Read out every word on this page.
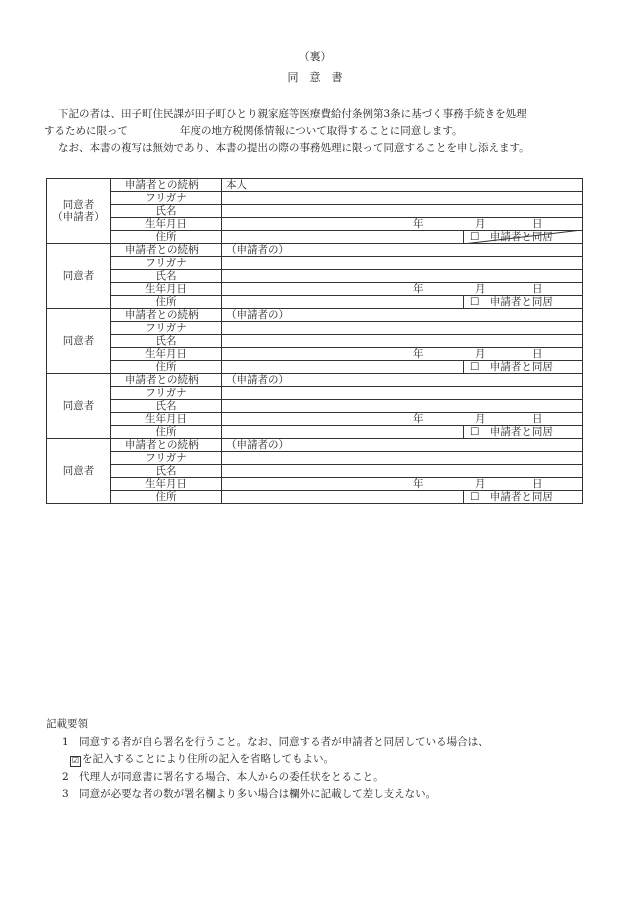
（裏）
同　意　書
下記の者は、田子町住民課が田子町ひとり親家庭等医療費給付条例第3条に基づく事務手続きを処理
するために限って	年度の地方税関係情報について取得することに同意します。
なお、本書の複写は無効であり、本書の提出の際の事務処理に限って同意することを申し添えます。
同意者
（申請者）	申請者との続柄	本人
	フリガナ	
	氏名	
	生年月日	年 月 日

	住所	☐　申請者と同居

同意者	申請者との続柄	（申請者の）
	フリガナ	
	氏名	
	生年月日	年 月 日

	住所	☐　申請者と同居

同意者	申請者との続柄	（申請者の）
	フリガナ	
	氏名	
	生年月日	年 月 日

	住所	☐　申請者と同居

同意者	申請者との続柄	（申請者の）
	フリガナ	
	氏名	
	生年月日	年 月 日

	住所	☐　申請者と同居

同意者	申請者との続柄	（申請者の）
	フリガナ	
	氏名	
	生年月日	年 月 日

	住所	☐　申請者と同居
記載要領
1　同意する者が自ら署名を行うこと。なお、同意する者が申請者と同居している場合は、
☑ を記入することにより住所の記入を省略してもよい。
2　代理人が同意書に署名する場合、本人からの委任状をとること。
3　同意が必要な者の数が署名欄より多い場合は欄外に記載して差し支えない。
